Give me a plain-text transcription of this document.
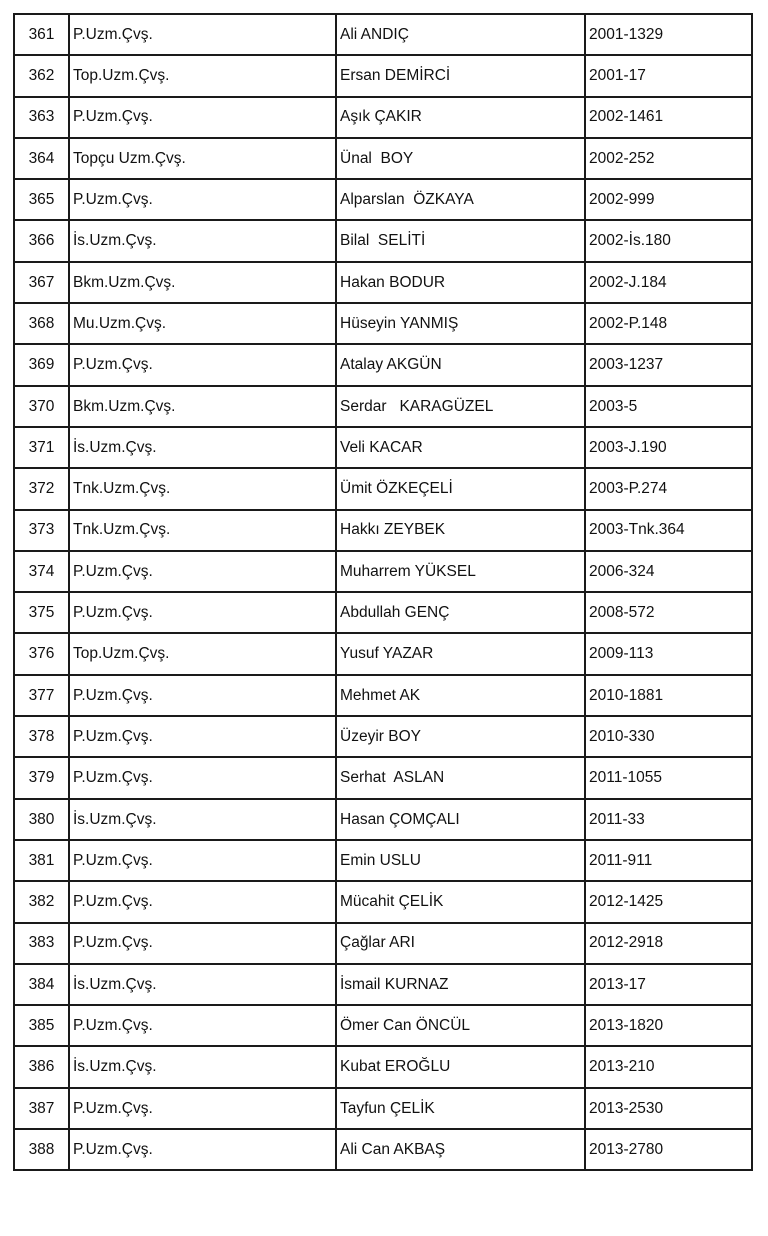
361	P.Uzm.Çvş.	Ali ANDIÇ	2001-1329
362	Top.Uzm.Çvş.	Ersan DEMİRCİ	2001-17
363	P.Uzm.Çvş.	Aşık ÇAKIR	2002-1461
364	Topçu Uzm.Çvş.	Ünal  BOY	2002-252
365	P.Uzm.Çvş.	Alparslan  ÖZKAYA	2002-999
366	İs.Uzm.Çvş.	Bilal  SELİTİ	2002-İs.180
367	Bkm.Uzm.Çvş.	Hakan BODUR	2002-J.184
368	Mu.Uzm.Çvş.	Hüseyin YANMIŞ	2002-P.148
369	P.Uzm.Çvş.	Atalay AKGÜN	2003-1237
370	Bkm.Uzm.Çvş.	Serdar   KARAGÜZEL	2003-5
371	İs.Uzm.Çvş.	Veli KACAR	2003-J.190
372	Tnk.Uzm.Çvş.	Ümit ÖZKEÇELİ	2003-P.274
373	Tnk.Uzm.Çvş.	Hakkı ZEYBEK	2003-Tnk.364
374	P.Uzm.Çvş.	Muharrem YÜKSEL	2006-324
375	P.Uzm.Çvş.	Abdullah GENÇ	2008-572
376	Top.Uzm.Çvş.	Yusuf YAZAR	2009-113
377	P.Uzm.Çvş.	Mehmet AK	2010-1881
378	P.Uzm.Çvş.	Üzeyir BOY	2010-330
379	P.Uzm.Çvş.	Serhat  ASLAN	2011-1055
380	İs.Uzm.Çvş.	Hasan ÇOMÇALI	2011-33
381	P.Uzm.Çvş.	Emin USLU	2011-911
382	P.Uzm.Çvş.	Mücahit ÇELİK	2012-1425
383	P.Uzm.Çvş.	Çağlar ARI	2012-2918
384	İs.Uzm.Çvş.	İsmail KURNAZ	2013-17
385	P.Uzm.Çvş.	Ömer Can ÖNCÜL	2013-1820
386	İs.Uzm.Çvş.	Kubat EROĞLU	2013-210
387	P.Uzm.Çvş.	Tayfun ÇELİK	2013-2530
388	P.Uzm.Çvş.	Ali Can AKBAŞ	2013-2780
